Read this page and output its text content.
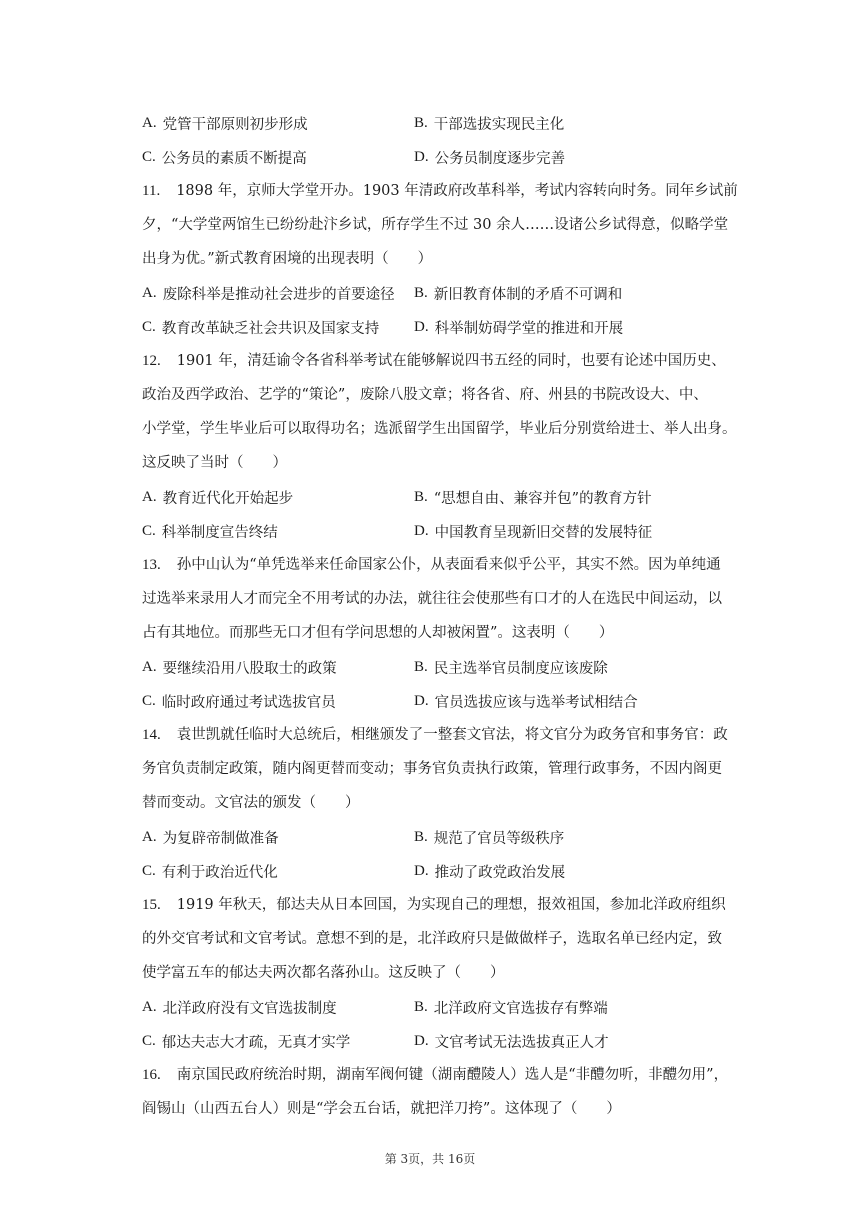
A. 党管干部原则初步形成	B. 干部选拔实现民主化
C. 公务员的素质不断提高	D. 公务员制度逐步完善
11. 1898 年，京师大学堂开办。1903 年清政府改革科举，考试内容转向时务。同年乡试前
夕，“大学堂两馆生已纷纷赴汴乡试，所存学生不过 30 余人……设诸公乡试得意，似略学堂
出身为优。”新式教育困境的出现表明（　　）
A. 废除科举是推动社会进步的首要途径 B. 新旧教育体制的矛盾不可调和
C. 教育改革缺乏社会共识及国家支持 D. 科举制妨碍学堂的推进和开展
12. 1901 年，清廷谕令各省科举考试在能够解说四书五经的同时，也要有论述中国历史、
政治及西学政治、艺学的“策论”，废除八股文章；将各省、府、州县的书院改设大、中、
小学堂，学生毕业后可以取得功名；选派留学生出国留学，毕业后分别赏给进士、举人出身。
这反映了当时（　　）
A. 教育近代化开始起步	B. “思想自由、兼容并包”的教育方针
C. 科举制度宣告终结	D. 中国教育呈现新旧交替的发展特征
13. 孙中山认为“单凭选举来任命国家公仆，从表面看来似乎公平，其实不然。因为单纯通
过选举来录用人才而完全不用考试的办法，就往往会使那些有口才的人在选民中间运动，以
占有其地位。而那些无口才但有学问思想的人却被闲置”。这表明（　　）
A. 要继续沿用八股取士的政策	B. 民主选举官员制度应该废除
C. 临时政府通过考试选拔官员	D. 官员选拔应该与选举考试相结合
14. 袁世凯就任临时大总统后，相继颁发了一整套文官法，将文官分为政务官和事务官：政
务官负责制定政策，随内阁更替而变动；事务官负责执行政策，管理行政事务，不因内阁更
替而变动。文官法的颁发（　　）
A. 为复辟帝制做准备	B. 规范了官员等级秩序
C. 有利于政治近代化	D. 推动了政党政治发展
15. 1919 年秋天，郁达夫从日本回国，为实现自己的理想，报效祖国，参加北洋政府组织
的外交官考试和文官考试。意想不到的是，北洋政府只是做做样子，选取名单已经内定，致
使学富五车的郁达夫两次都名落孙山。这反映了（　　）
A. 北洋政府没有文官选拔制度	B. 北洋政府文官选拔存有弊端
C. 郁达夫志大才疏，无真才实学	D. 文官考试无法选拔真正人才
16. 南京国民政府统治时期，湖南军阀何键（湖南醴陵人）选人是“非醴勿听，非醴勿用”，
阎锡山（山西五台人）则是“学会五台话，就把洋刀挎”。这体现了（　　）
第 3页，共 16页
